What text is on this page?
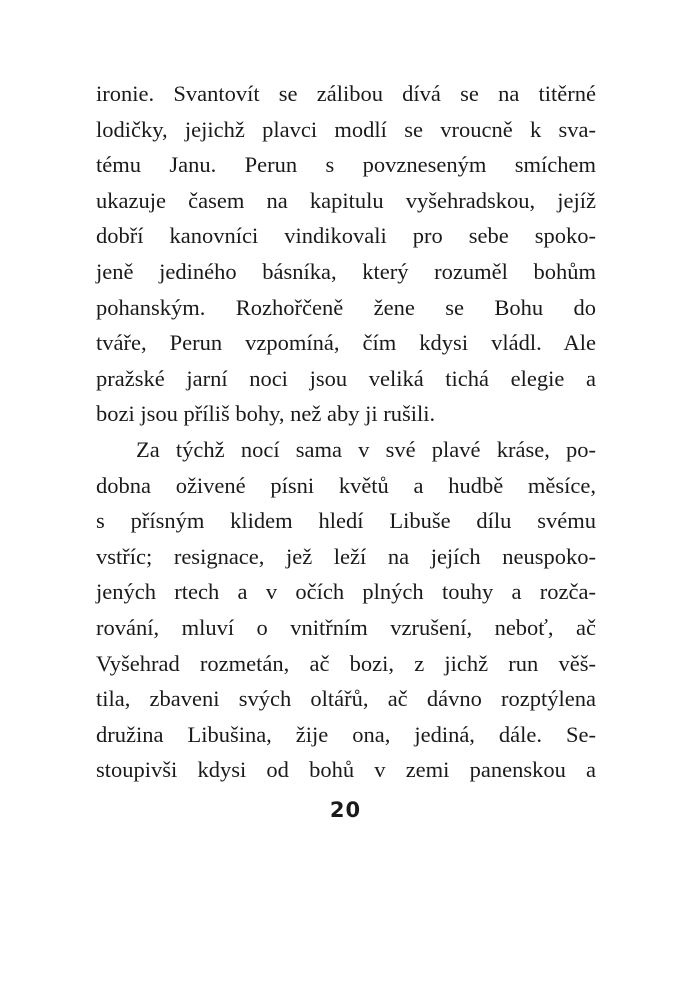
ironie. Svantovít se zálibou dívá se na titěrné
lodičky, jejichž plavci modlí se vroucně k sva-
tému Janu. Perun s povzneseným smíchem
ukazuje časem na kapitulu vyšehradskou, jejíž
dobří kanovníci vindikovali pro sebe spoko-
jeně jediného básníka, který rozuměl bohům
pohanským. Rozhořčeně žene se Bohu do
tváře, Perun vzpomíná, čím kdysi vládl. Ale
pražské jarní noci jsou veliká tichá elegie a
bozi jsou příliš bohy, než aby ji rušili.
Za týchž nocí sama v své plavé kráse, po-
dobna oživené písni květů a hudbě měsíce,
s přísným klidem hledí Libuše dílu svému
vstříc; resignace, jež leží na jejích neuspoko-
jených rtech a v očích plných touhy a rozča-
rování, mluví o vnitřním vzrušení, neboť, ač
Vyšehrad rozmetán, ač bozi, z jichž run věš-
tila, zbaveni svých oltářů, ač dávno rozptýlena
družina Libušina, žije ona, jediná, dále. Se-
stoupivši kdysi od bohů v zemi panenskou a
20
